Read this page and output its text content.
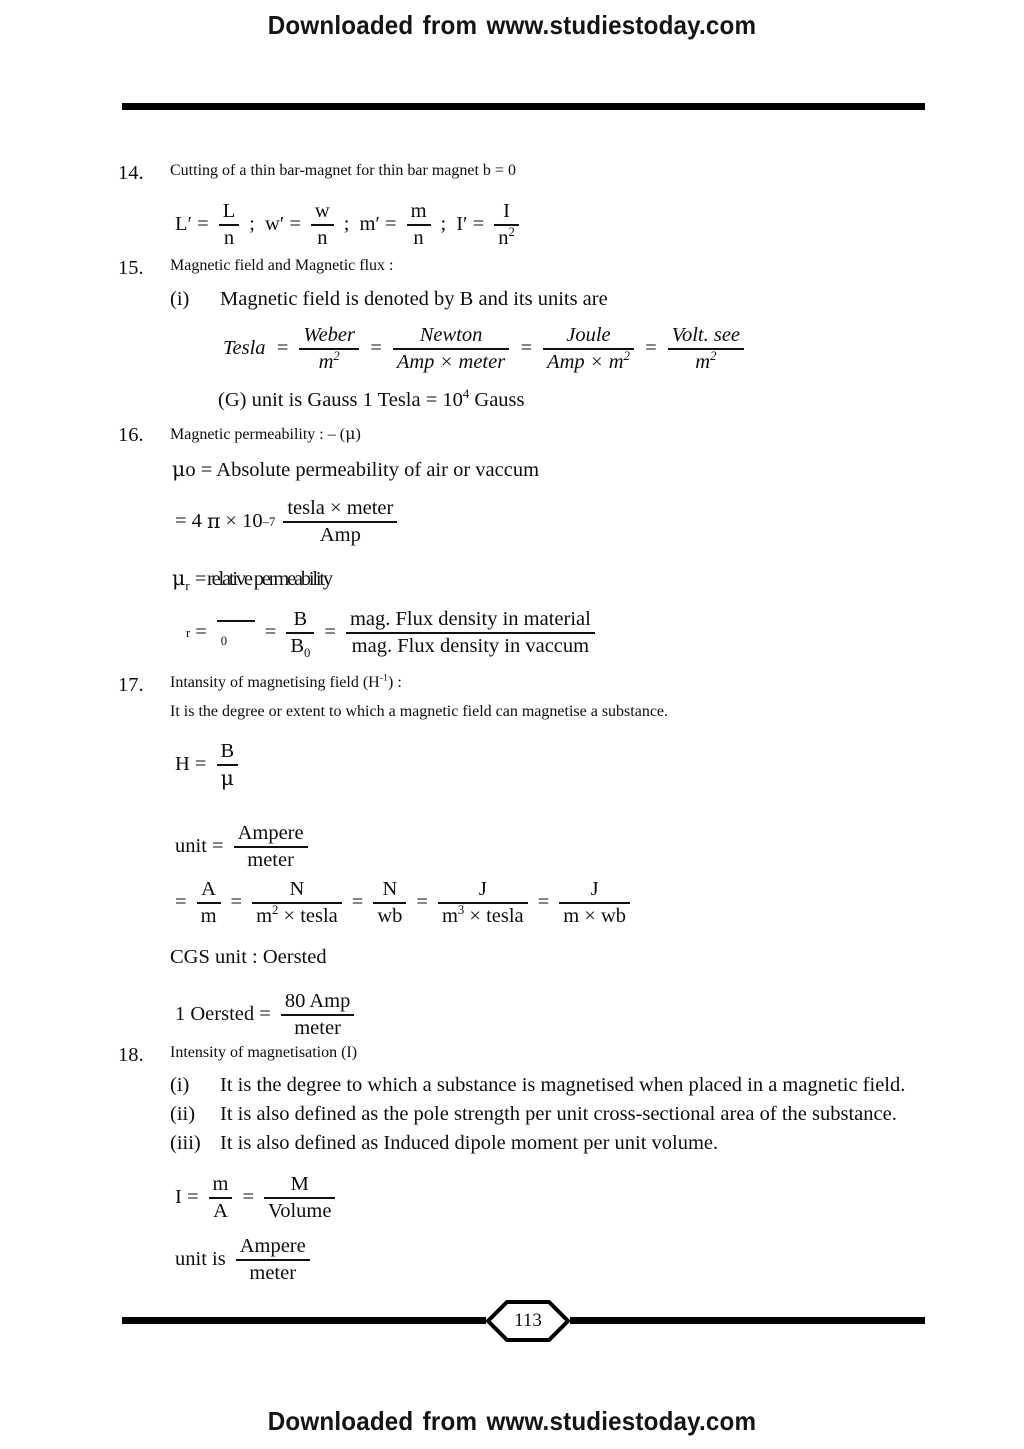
Downloaded from www.studiestoday.com
14.	Cutting of a thin bar-magnet for thin bar magnet b = 0
$L' = \frac{L}{n}$ ; $w' = \frac{w}{n}$ ; $m' = \frac{m}{n}$ ; $I' = \frac{I}{n^2}$
15.	Magnetic field and Magnetic flux :
(i) Magnetic field is denoted by B and its units are
Tesla = $\frac{\text{Weber}}{m^2} = \frac{\text{Newton}}{\text{Amp × meter}} = \frac{\text{Joule}}{Amp \times m^2} = \frac{\text{Volt. see}}{m^2}$
(G) unit is Gauss 1 Tesla = $10^4$ Gauss
16.	Magnetic permeability : – (μ)
μo = Absolute permeability of air or vaccum
= 4 π × 10 $-7 \frac{\text{tesla × meter}}{\text{Amp}}$
$\mu_r$ = relative permeability
r =	$_0$	= $\frac{B}{B_0} = \frac{\text{mag. Flux density in material}}{\text{mag. Flux density in vaccum}}$
17.	Intansity of magnetising field $(H^{-1})$ :
It is the degree or extent to which a magnetic field can magnetise a substance.
$H = \frac{B}{\mu}$
unit = $\frac{\text{Ampere}}{\text{meter}}$
= $\frac{A}{m} = \frac{N}{m^2 \times tesla} = \frac{N}{wb} = \frac{J}{m^3 \times tesla} = \frac{J}{m \times wb}$
CGS unit : Oersted
1 Oersted = $\frac{\text{80 Amp}}{\text{meter}}$
18.	Intensity of magnetisation (I)
(i) It is the degree to which a substance is magnetised when placed in a magnetic field.
(ii) It is also defined as the pole strength per unit cross-sectional area of the substance.
(iii) It is also defined as Induced dipole moment per unit volume.
$I = \frac{m}{A} = \frac{M}{\text{Volume}}$
unit is $\frac{\text{Ampere}}{\text{meter}}$
113
Downloaded from www.studiestoday.com
